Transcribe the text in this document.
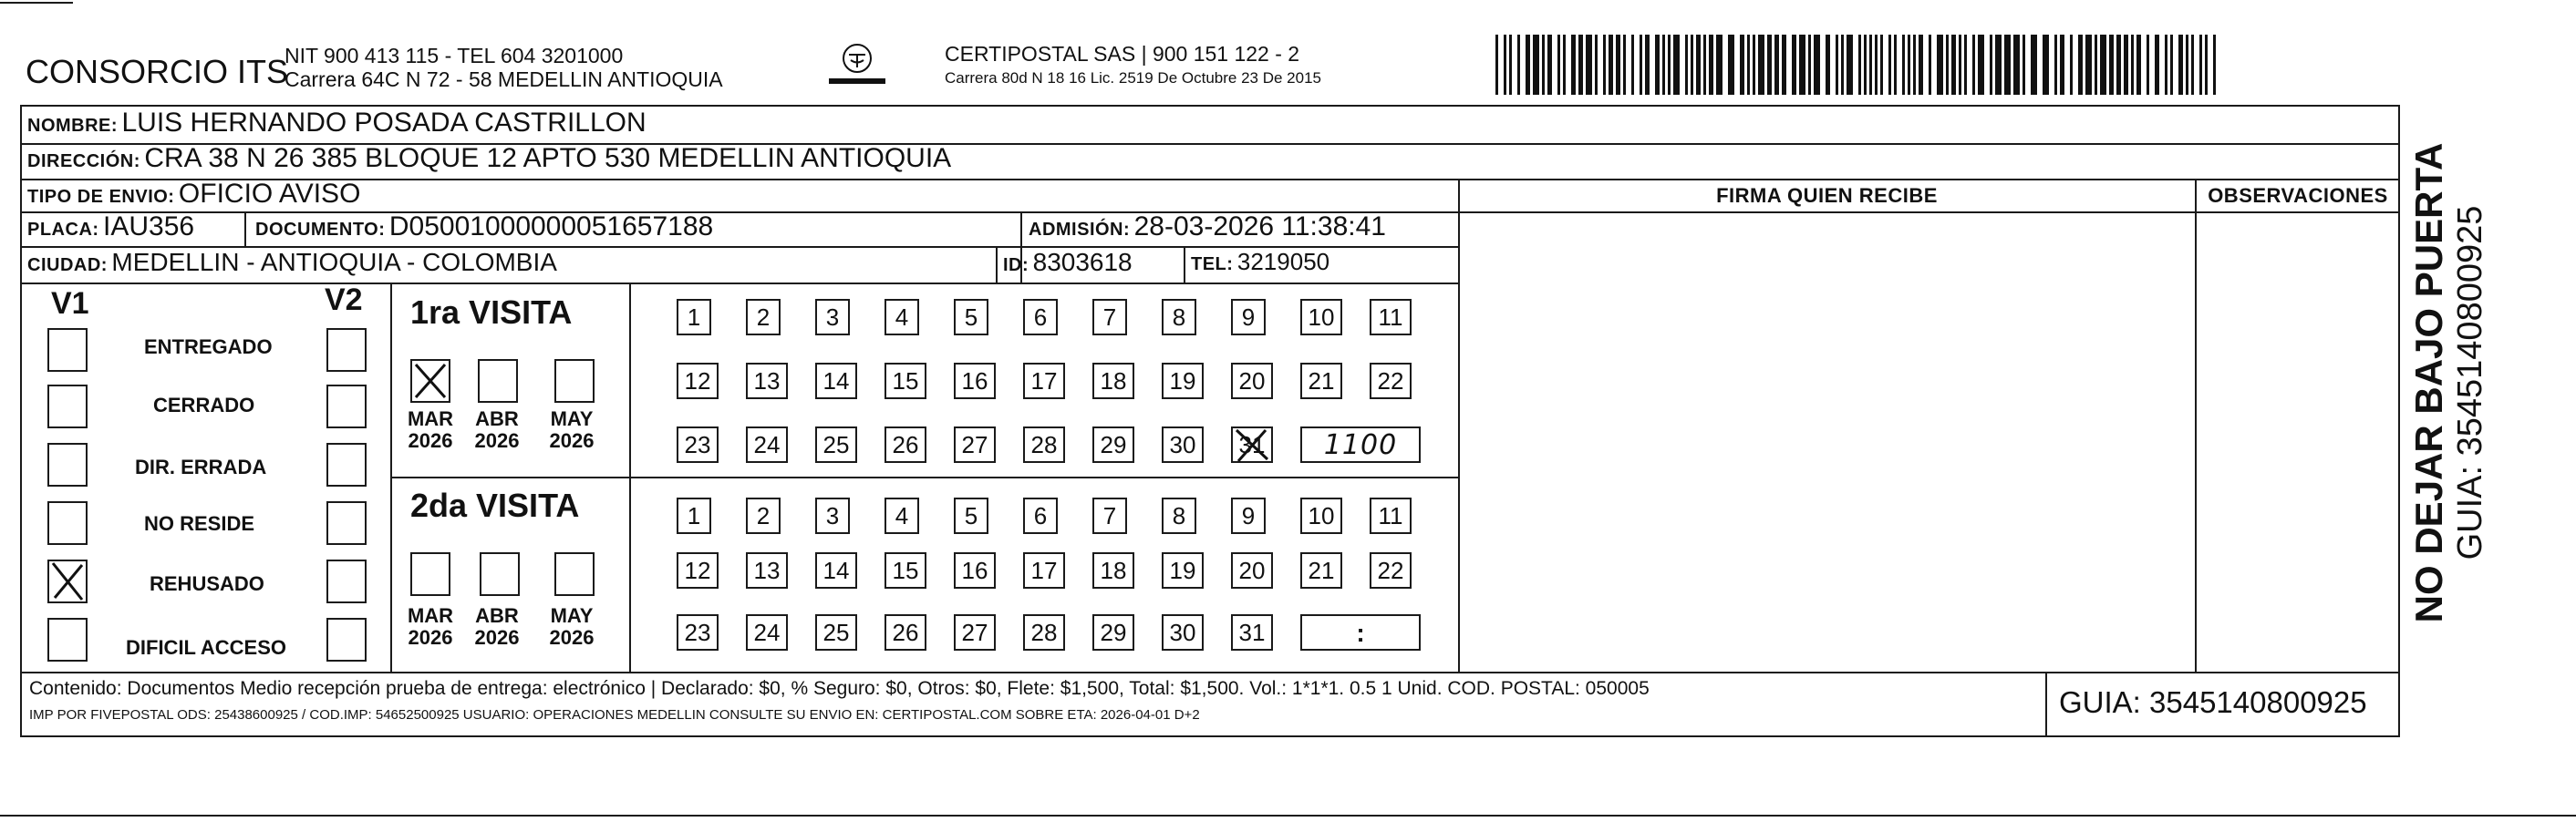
CONSORCIO ITS
NIT 900 413 115 - TEL 604 3201000
Carrera 64C N 72 - 58 MEDELLIN ANTIOQUIA
CERTIPOSTAL SAS | 900 151 122 - 2
Carrera 80d N 18 16 Lic. 2519 De Octubre 23 De 2015
NOMBRE: LUIS HERNANDO POSADA CASTRILLON
DIRECCIÓN: CRA 38 N 26 385 BLOQUE 12 APTO 530 MEDELLIN ANTIOQUIA
TIPO DE ENVIO: OFICIO AVISO	FIRMA QUIEN RECIBE	OBSERVACIONES
PLACA: IAU356	DOCUMENTO: D05001000000051657188	ADMISIÓN: 28-03-2026 11:38:41
CIUDAD: MEDELLIN - ANTIOQUIA - COLOMBIA	ID: 8303618	TEL: 3219050
V1	V2
ENTREGADO
CERRADO
DIR. ERRADA
NO RESIDE
REHUSADO
DIFICIL ACCESO
1ra VISITA
MAR
2026
ABR
2026
MAY
2026
2da VISITA
MAR
2026
ABR
2026
MAY
2026
1	2	3	4	5	6	7	8	9	10	11
12	13	14	15	16	17	18	19	20	21	22
23	24	25	26	27	28	29	30	31	1100
1	2	3	4	5	6	7	8	9	10	11
12	13	14	15	16	17	18	19	20	21	22
23	24	25	26	27	28	29	30	31	:
Contenido: Documentos Medio recepción prueba de entrega: electrónico | Declarado: $0, % Seguro: $0, Otros: $0, Flete: $1,500, Total: $1,500. Vol.: 1*1*1. 0.5 1 Unid. COD. POSTAL: 050005
IMP POR FIVEPOSTAL ODS: 25438600925 / COD.IMP: 54652500925 USUARIO: OPERACIONES MEDELLIN CONSULTE SU ENVIO EN: CERTIPOSTAL.COM SOBRE ETA: 2026-04-01 D+2	GUIA: 3545140800925
NO DEJAR BAJO PUERTA GUIA: 3545140800925
